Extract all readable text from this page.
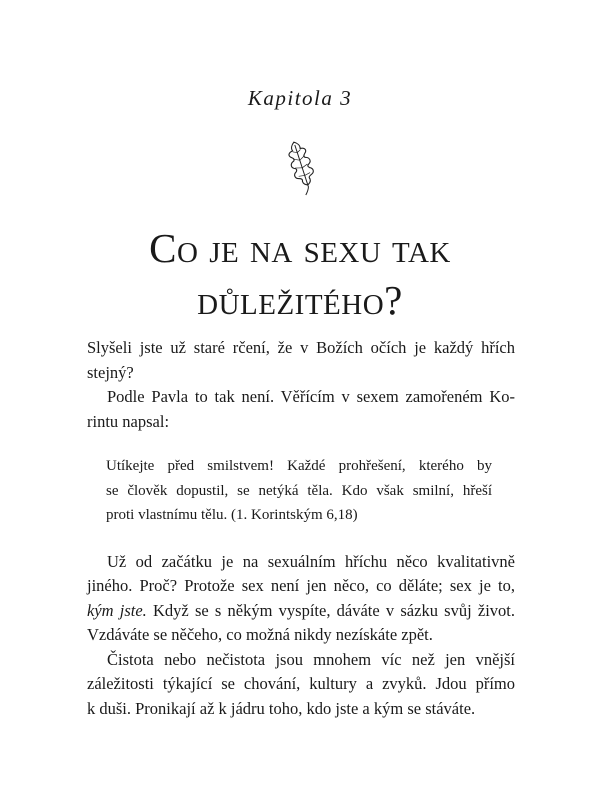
Kapitola 3
Co je na sexu tak
důležitého?

Slyšeli jste už staré rčení, že v Božích očích je každý hřích
stejný?

Podle Pavla to tak není. Věřícím v sexem zamořeném Ko-
rintu napsal:

Utíkejte před smilstvem! Každé prohřešení, kterého by
se člověk dopustil, se netýká těla. Kdo však smilní, hřeší
proti vlastnímu tělu. (1. Korintským 6,18)

Už od začátku je na sexuálním hříchu něco kvalitativně
jiného. Proč? Protože sex není jen něco, co děláte; sex je to,
kým jste. Když se s někým vyspíte, dáváte v sázku svůj život.
Vzdáváte se něčeho, co možná nikdy nezískáte zpět.

Čistota nebo nečistota jsou mnohem víc než jen vnější
záležitosti týkající se chování, kultury a zvyků. Jdou přímo
k duši. Pronikají až k jádru toho, kdo jste a kým se stáváte.
